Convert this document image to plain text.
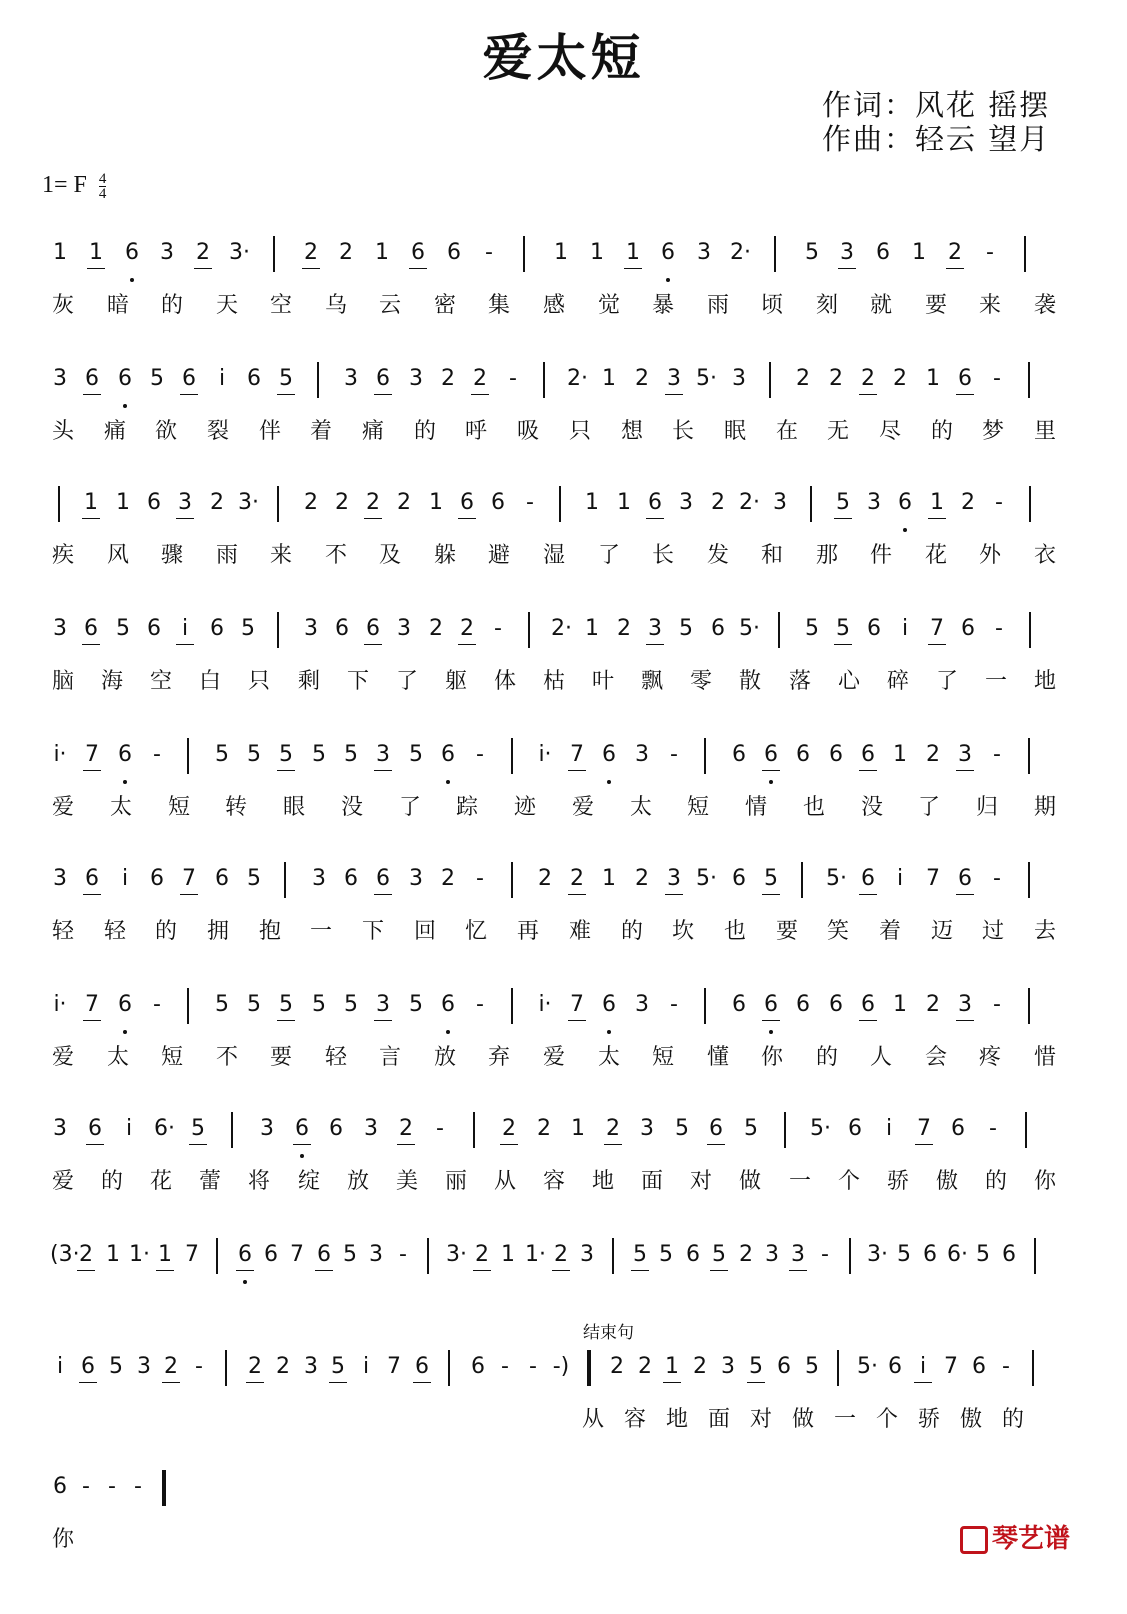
爱太短
作词：风花 摇摆
作曲：轻云 望月
1= F $\frac{4}{4}$
1 1 6 3 2 3· 2 2 1 6 6 -	1 1 1 6 3 2· 5 3 6 1 2 -
灰 暗 的 天 空 乌 云 密 集 感 觉 暴 雨 顷 刻 就 要 来 袭
3 6 6 5 6	i 6 5 3 6 3 2 2 - 2· 1 2 3 5· 3 2 2 2 2 1 6 -
头 痛 欲 裂 伴 着 痛 的 呼 吸 只 想 长 眠 在 无 尽 的 梦 里
1 1 6 3 2 3· 2 2 2 2 1 6 6 - 1 1 6 3 2 2· 3 5 3 6 1 2 -
疾 风 骤 雨 来 不 及 躲 避 湿 了 长 发 和 那 件 花 外 衣
3 6 5 6 i 6 5 3 6 6 3 2 2 - 2· 1 2 3 5 6 5· 5 5 6 i 7 6 -
脑 海 空 白 只 剩 下 了 躯 体 枯 叶 飘 零 散 落 心 碎 了 一 地
i· 7 6 - 5 5 5 5 5 3 5 6 - i· 7 6 3 - 6 6 6 6 6 1 2 3 -
爱 太 短 转 眼 没 了 踪 迹 爱 太 短 情 也 没 了 归 期
3 6	i 6 7 6 5 3 6 6 3 2 - 2 2 1 2 3 5· 6 5 5· 6 i	7 6 -
轻 轻 的 拥 抱 一 下 回 忆 再 难 的 坎 也 要 笑 着 迈 过 去
i· 7 6 - 5 5 5 5 5 3 5 6 - i· 7 6 3 - 6 6 6 6 6 1 2 3 -
爱 太 短 不 要 轻 言 放 弃 爱 太 短 懂 你 的 人 会 疼 惜
3 6	i 6· 5	3 6 6 3 2 -	2 2 1 2 3 5 6 5 5· 6	i	7 6 -
爱 的 花 蕾 将 绽 放 美 丽 从 容 地 面 对 做 一 个 骄 傲 的 你
(3· 2 1 1· 1 7 6 6 7 6 5 3 - 3· 2 1 1· 2 3 5 5 6 5 2 3 3 - 3· 5 6 6· 5 6
i 6 5 3 2 - 2 2 3 5 i 7 6 6 - - -) 2 2 1 2 3 5 6 5 5· 6 i 7 6 -
从 容 地 面 对 做 一 个 骄 傲 的
6 - - -
你
结束句
琴艺谱
